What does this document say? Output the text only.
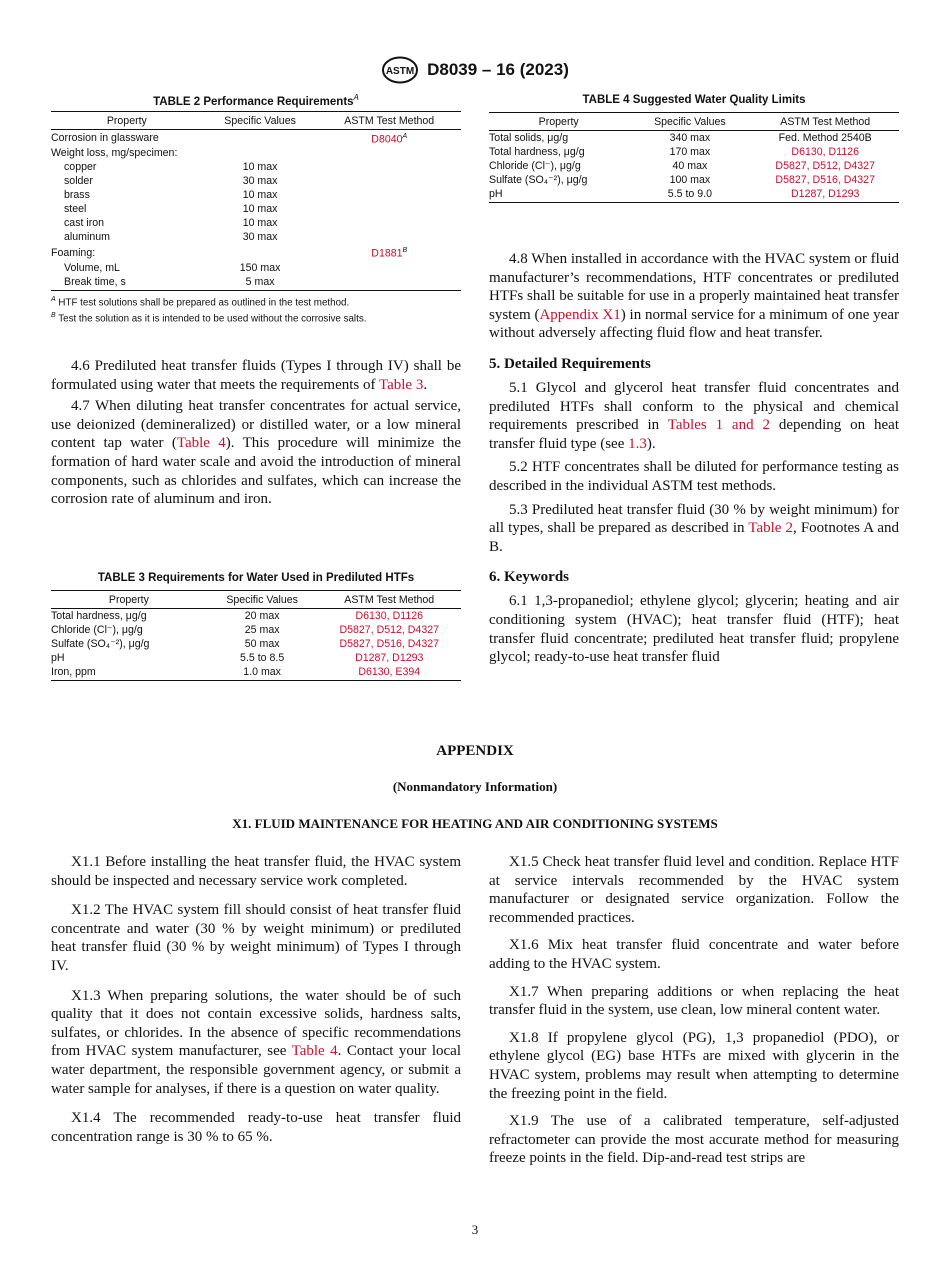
ASTM D8039 – 16 (2023)
TABLE 2 Performance Requirements$^A$
Property	Specific Values	ASTM Test Method
Corrosion in glassware		D8040$^A$
Weight loss, mg/specimen:		
copper	10 max	
solder	30 max	
brass	10 max	
steel	10 max	
cast iron	10 max	
aluminum	30 max	
Foaming:		D1881$^B$
Volume, mL	150 max	
Break time, s	5 max	
$^A$ HTF test solutions shall be prepared as outlined in the test method.
$^B$ Test the solution as it is intended to be used without the corrosive salts.

4.6 Prediluted heat transfer fluids (Types I through IV) shall be formulated using water that meets the requirements of Table 3.

4.7 When diluting heat transfer concentrates for actual service, use deionized (demineralized) or distilled water, or a low mineral content tap water (Table 4). This procedure will minimize the formation of hard water scale and avoid the introduction of mineral components, such as chlorides and sulfates, which can increase the corrosion rate of aluminum and iron.

TABLE 3 Requirements for Water Used in Prediluted HTFs
Property	Specific Values	ASTM Test Method
Total hardness, μg/g	20 max	D6130, D1126
Chloride (Cl⁻), μg/g	25 max	D5827, D512, D4327
Sulfate (SO₄⁻²), μg/g	50 max	D5827, D516, D4327
pH	5.5 to 8.5	D1287, D1293
Iron, ppm	1.0 max	D6130, E394
TABLE 4 Suggested Water Quality Limits
Property	Specific Values	ASTM Test Method
Total solids, μg/g	340 max	Fed. Method 2540B
Total hardness, μg/g	170 max	D6130, D1126
Chloride (Cl⁻), μg/g	40 max	D5827, D512, D4327
Sulfate (SO₄⁻²), μg/g	100 max	D5827, D516, D4327
pH	5.5 to 9.0	D1287, D1293

4.8 When installed in accordance with the HVAC system or fluid manufacturer’s recommendations, HTF concentrates or prediluted HTFs shall be suitable for use in a properly maintained heat transfer system (Appendix X1) in normal service for a minimum of one year without adversely affecting fluid flow and heat transfer.

5. Detailed Requirements

5.1 Glycol and glycerol heat transfer fluid concentrates and prediluted HTFs shall conform to the physical and chemical requirements prescribed in Tables 1 and 2 depending on heat transfer fluid type (see 1.3).

5.2 HTF concentrates shall be diluted for performance testing as described in the individual ASTM test methods.

5.3 Prediluted heat transfer fluid (30 % by weight minimum) for all types, shall be prepared as described in Table 2, Footnotes A and B.

6. Keywords

6.1 1,3-propanediol; ethylene glycol; glycerin; heating and air conditioning system (HVAC); heat transfer fluid (HTF); heat transfer fluid concentrate; prediluted heat transfer fluid; propylene glycol; ready-to-use heat transfer fluid

APPENDIX
(Nonmandatory Information)
X1. FLUID MAINTENANCE FOR HEATING AND AIR CONDITIONING SYSTEMS

X1.1 Before installing the heat transfer fluid, the HVAC system should be inspected and necessary service work completed.

X1.2 The HVAC system fill should consist of heat transfer fluid concentrate and water (30 % by weight minimum) or prediluted heat transfer fluid (30 % by weight minimum) of Types I through IV.

X1.3 When preparing solutions, the water should be of such quality that it does not contain excessive solids, hardness salts, sulfates, or chlorides. In the absence of specific recommendations from HVAC system manufacturer, see Table 4. Contact your local water department, the responsible government agency, or submit a water sample for analyses, if there is a question on water quality.

X1.4 The recommended ready-to-use heat transfer fluid concentration range is 30 % to 65 %.

X1.5 Check heat transfer fluid level and condition. Replace HTF at service intervals recommended by the HVAC system manufacturer or designated service organization. Follow the recommended practices.

X1.6 Mix heat transfer fluid concentrate and water before adding to the HVAC system.

X1.7 When preparing additions or when replacing the heat transfer fluid in the system, use clean, low mineral content water.

X1.8 If propylene glycol (PG), 1,3 propanediol (PDO), or ethylene glycol (EG) base HTFs are mixed with glycerin in the HVAC system, problems may result when attempting to determine the freezing point in the field.

X1.9 The use of a calibrated temperature, self-adjusted refractometer can provide the most accurate method for measuring freeze points in the field. Dip-and-read test strips are

3
